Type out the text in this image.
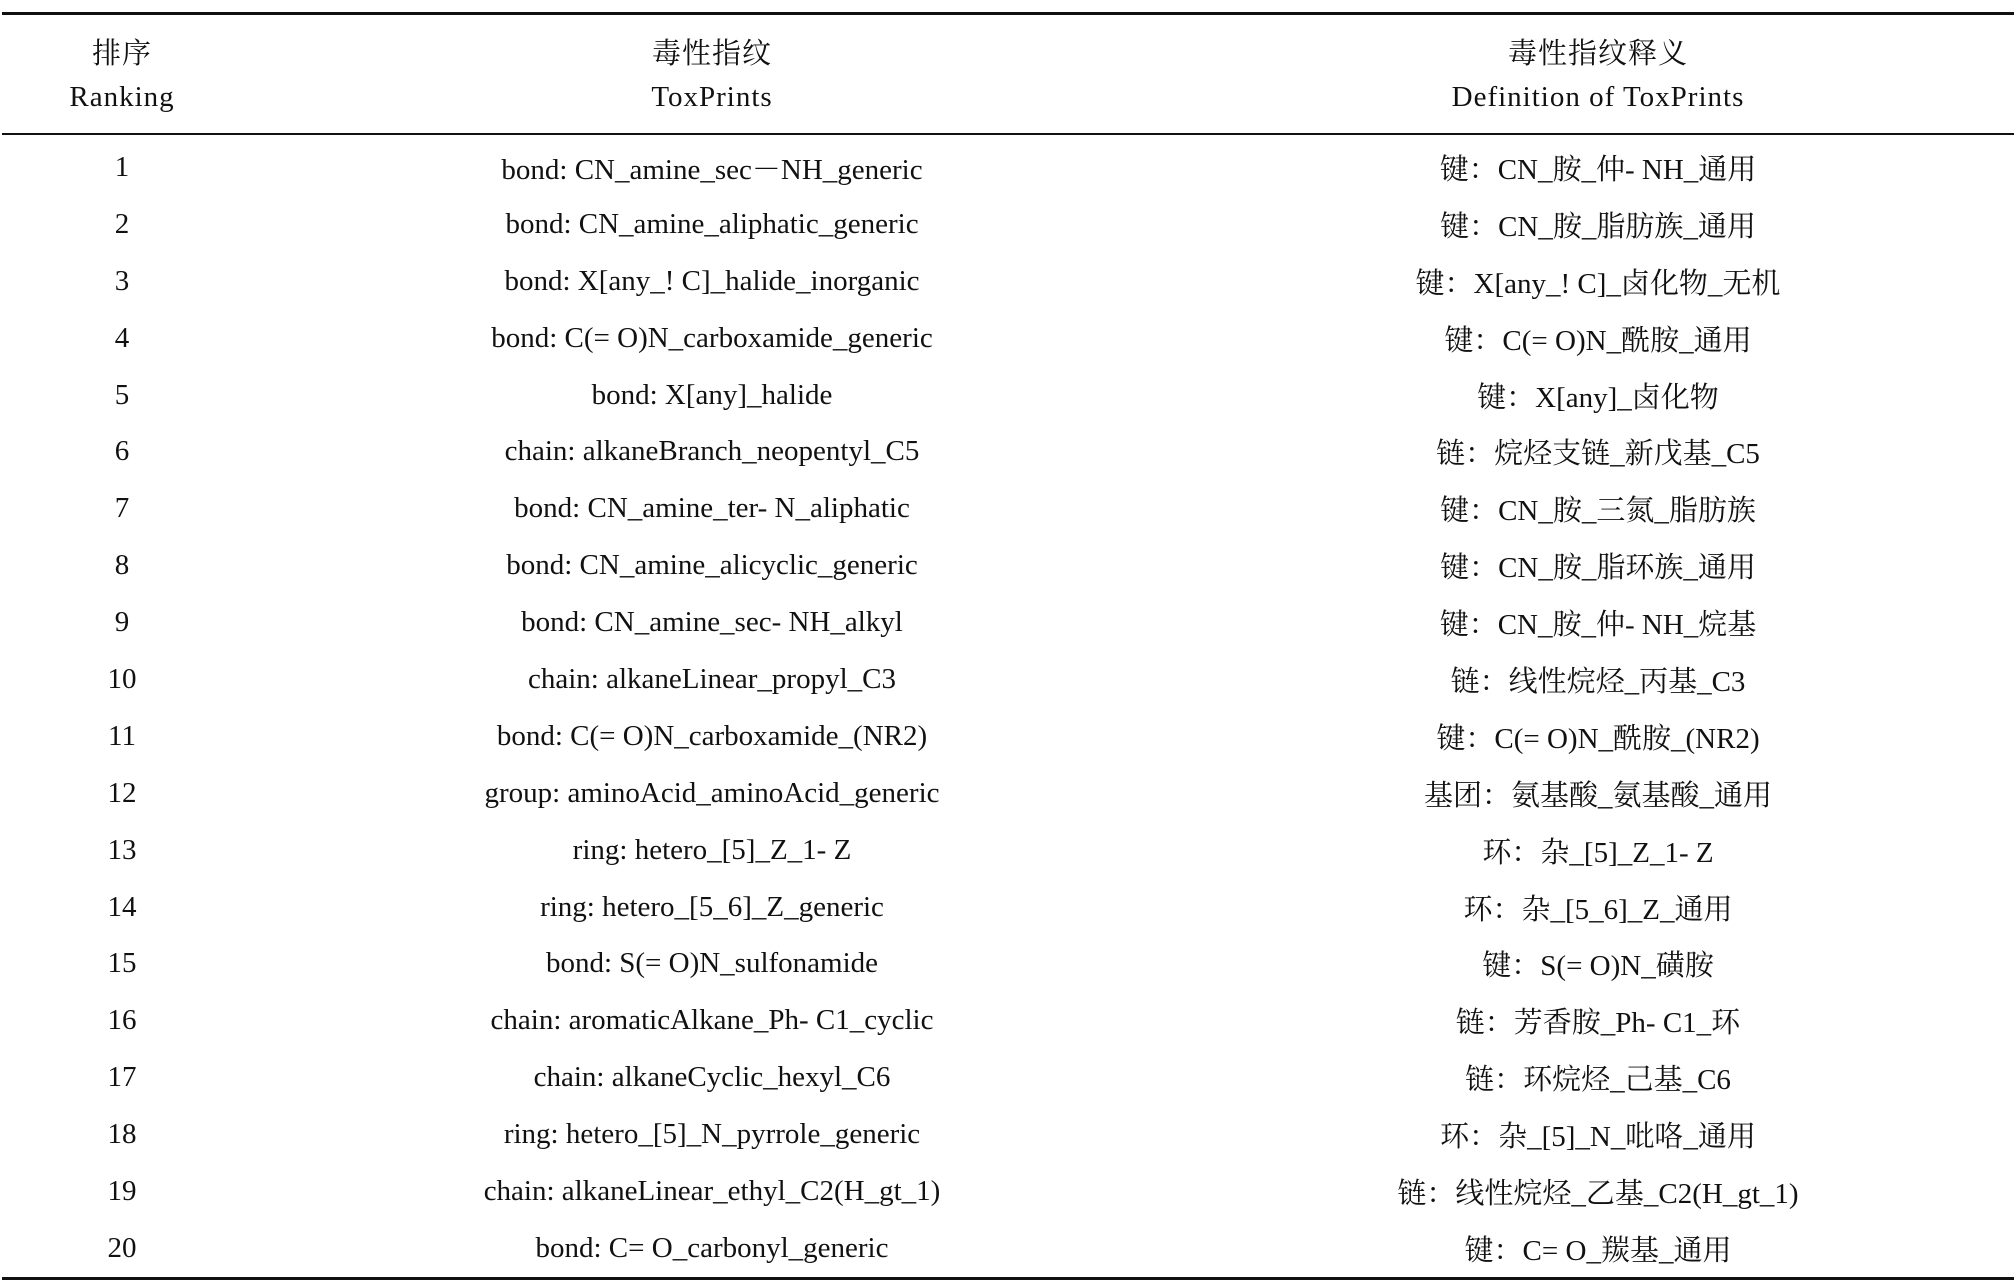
排序	毒性指纹	毒性指纹释义
Ranking	ToxPrints	Definition of ToxPrints
1	bond: CN_amine_sec－NH_generic	键：CN_胺_仲- NH_通用
2	bond: CN_amine_aliphatic_generic	键：CN_胺_脂肪族_通用
3	bond: X[any_! C]_halide_inorganic	键：X[any_! C]_卤化物_无机
4	bond: C(= O)N_carboxamide_generic	键：C(= O)N_酰胺_通用
5	bond: X[any]_halide	键：X[any]_卤化物
6	chain: alkaneBranch_neopentyl_C5	链：烷烃支链_新戊基_C5
7	bond: CN_amine_ter- N_aliphatic	键：CN_胺_三氮_脂肪族
8	bond: CN_amine_alicyclic_generic	键：CN_胺_脂环族_通用
9	bond: CN_amine_sec- NH_alkyl	键：CN_胺_仲- NH_烷基
10	chain: alkaneLinear_propyl_C3	链：线性烷烃_丙基_C3
11	bond: C(= O)N_carboxamide_(NR2)	键：C(= O)N_酰胺_(NR2)
12	group: aminoAcid_aminoAcid_generic	基团：氨基酸_氨基酸_通用
13	ring: hetero_[5]_Z_1- Z	环：杂_[5]_Z_1- Z
14	ring: hetero_[5_6]_Z_generic	环：杂_[5_6]_Z_通用
15	bond: S(= O)N_sulfonamide	键：S(= O)N_磺胺
16	chain: aromaticAlkane_Ph- C1_cyclic	链：芳香胺_Ph- C1_环
17	chain: alkaneCyclic_hexyl_C6	链：环烷烃_己基_C6
18	ring: hetero_[5]_N_pyrrole_generic	环：杂_[5]_N_吡咯_通用
19	chain: alkaneLinear_ethyl_C2(H_gt_1)	链：线性烷烃_乙基_C2(H_gt_1)
20	bond: C= O_carbonyl_generic	键：C= O_羰基_通用
